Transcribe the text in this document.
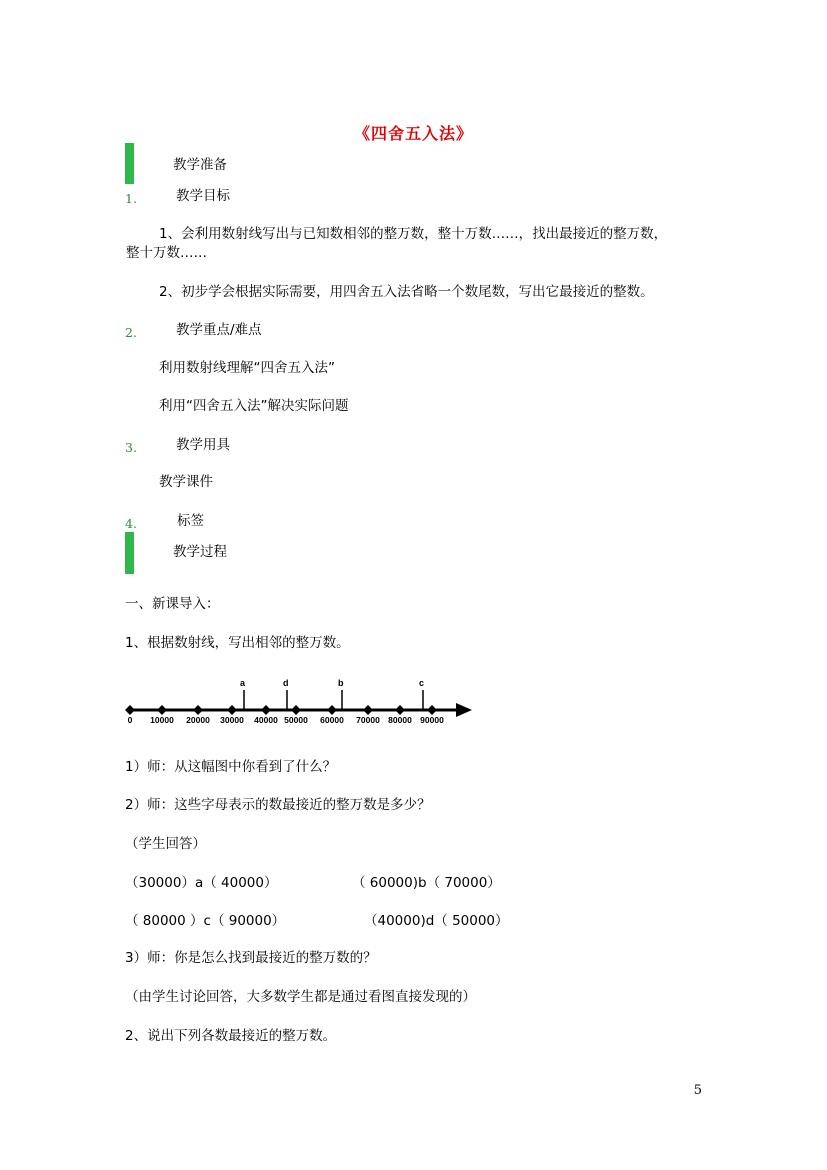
《四舍五入法》
教学准备
1.	教学目标
1、会利用数射线写出与已知数相邻的整万数，整十万数……，找出最接近的整万数，
整十万数……
2、初步学会根据实际需要，用四舍五入法省略一个数尾数，写出它最接近的整数。
2.	教学重点/难点
利用数射线理解“四舍五入法”
利用“四舍五入法”解决实际问题
3.	教学用具
教学课件
4.	标签
教学过程
一、新课导入：
1、根据数射线，写出相邻的整万数。
0 10000 20000 30000 40000 50000 60000 70000 80000 90000
a	d	b	c
1）师：从这幅图中你看到了什么？
2）师：这些字母表示的数最接近的整万数是多少？
（学生回答）
（30000）a（ 40000）	（ 60000)b（ 70000）
（ 80000 ）c（ 90000）	（40000)d（ 50000）
3）师：你是怎么找到最接近的整万数的？
（由学生讨论回答，大多数学生都是通过看图直接发现的）
2、说出下列各数最接近的整万数。
5
